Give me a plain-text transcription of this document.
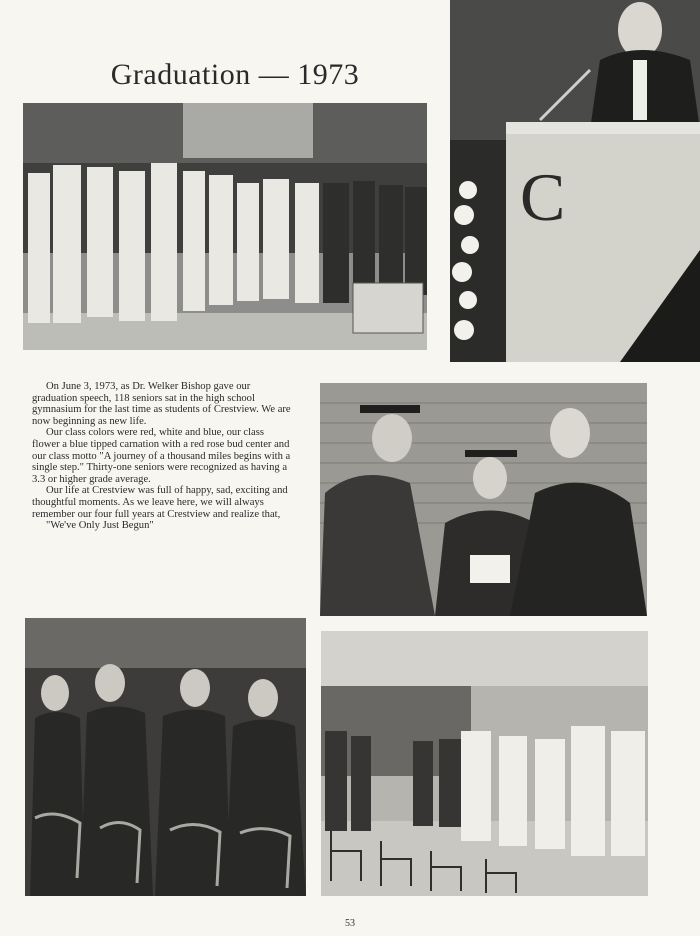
Graduation — 1973
C

On June 3, 1973, as Dr. Welker Bishop gave our graduation speech, 118 seniors sat in the high school gymnasium for the last time as students of Crestview. We are now beginning as new life.

Our class colors were red, white and blue, our class flower a blue tipped carnation with a red rose bud center and our class motto "A journey of a thousand miles begins with a single step." Thirty-one seniors were recognized as having a 3.3 or higher grade average.

Our life at Crestview was full of happy, sad, exciting and thoughtful moments. As we leave here, we will always remember our four full years at Crestview and realize that,

"We've Only Just Begun"

53
